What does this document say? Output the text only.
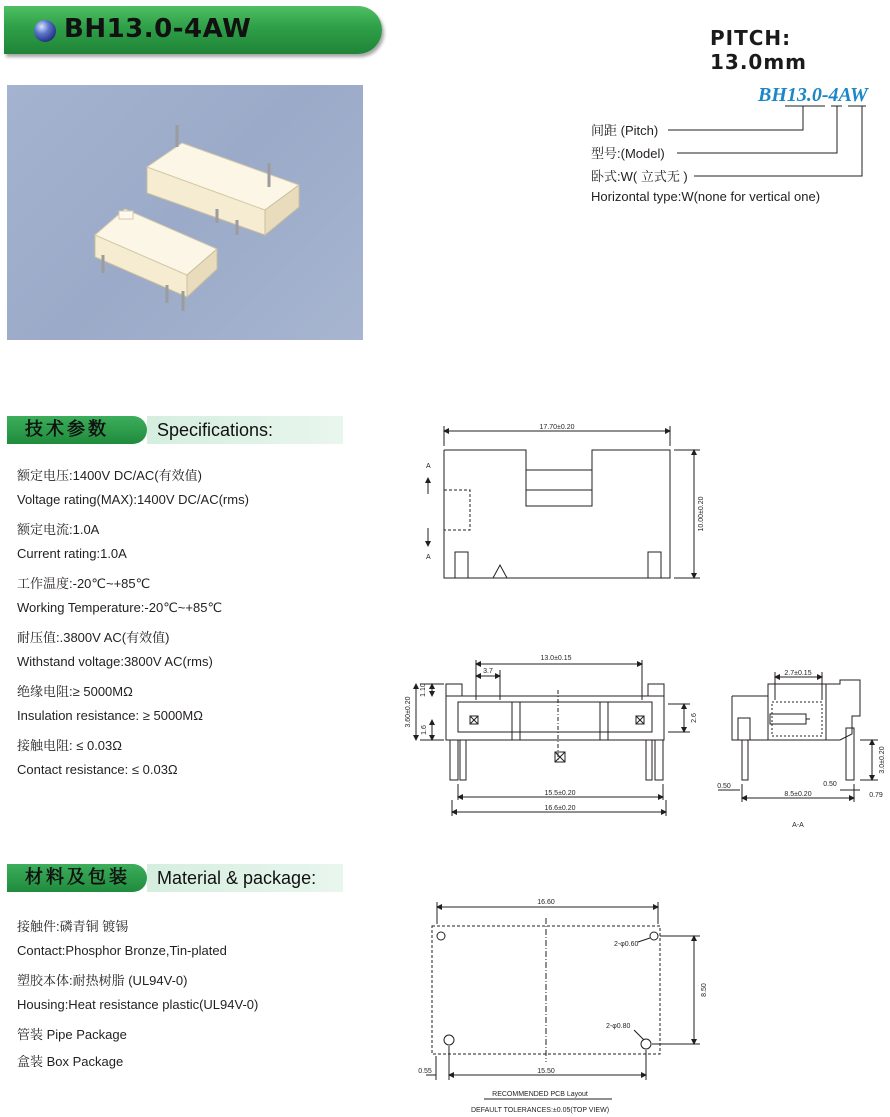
BH13.0-4AW	PITCH: 13.0mm
BH13.0-4AW
间距 (Pitch)
型号:(Model)
卧式:W( 立式无 )
Horizontal type:W(none for vertical one)
技术参数	Specifications:
额定电压:1400V DC/AC(有效值)
Voltage rating(MAX):1400V DC/AC(rms)
额定电流:1.0A
Current rating:1.0A
工作温度:-20℃~+85℃
Working Temperature:-20℃~+85℃
耐压值:.3800V AC(有效值)
Withstand voltage:3800V AC(rms)
绝缘电阻:≥ 5000MΩ
Insulation resistance: ≥ 5000MΩ
接触电阻: ≤ 0.03Ω
Contact resistance: ≤ 0.03Ω
材料及包装	Material & package:
接触件:磷青铜 镀锡
Contact:Phosphor Bronze,Tin-plated
塑胶本体:耐热树脂 (UL94V-0)
Housing:Heat resistance plastic(UL94V-0)
管装 Pipe Package
盒装 Box Package
17.70±0.20
10.00±0.20
A
A
13.0±0.15
3.7
1.10
3.60±0.20
1.6
2.6
15.5±0.20
16.6±0.20
2.7±0.15
3.0±0.20
0.50	0.50
8.5±0.20	0.79
A-A
16.60
2-φ0.60
2-φ0.80
8.50
0.55	15.50
RECOMMENDED PCB Layout
DEFAULT TOLERANCES:±0.05(TOP VIEW)
